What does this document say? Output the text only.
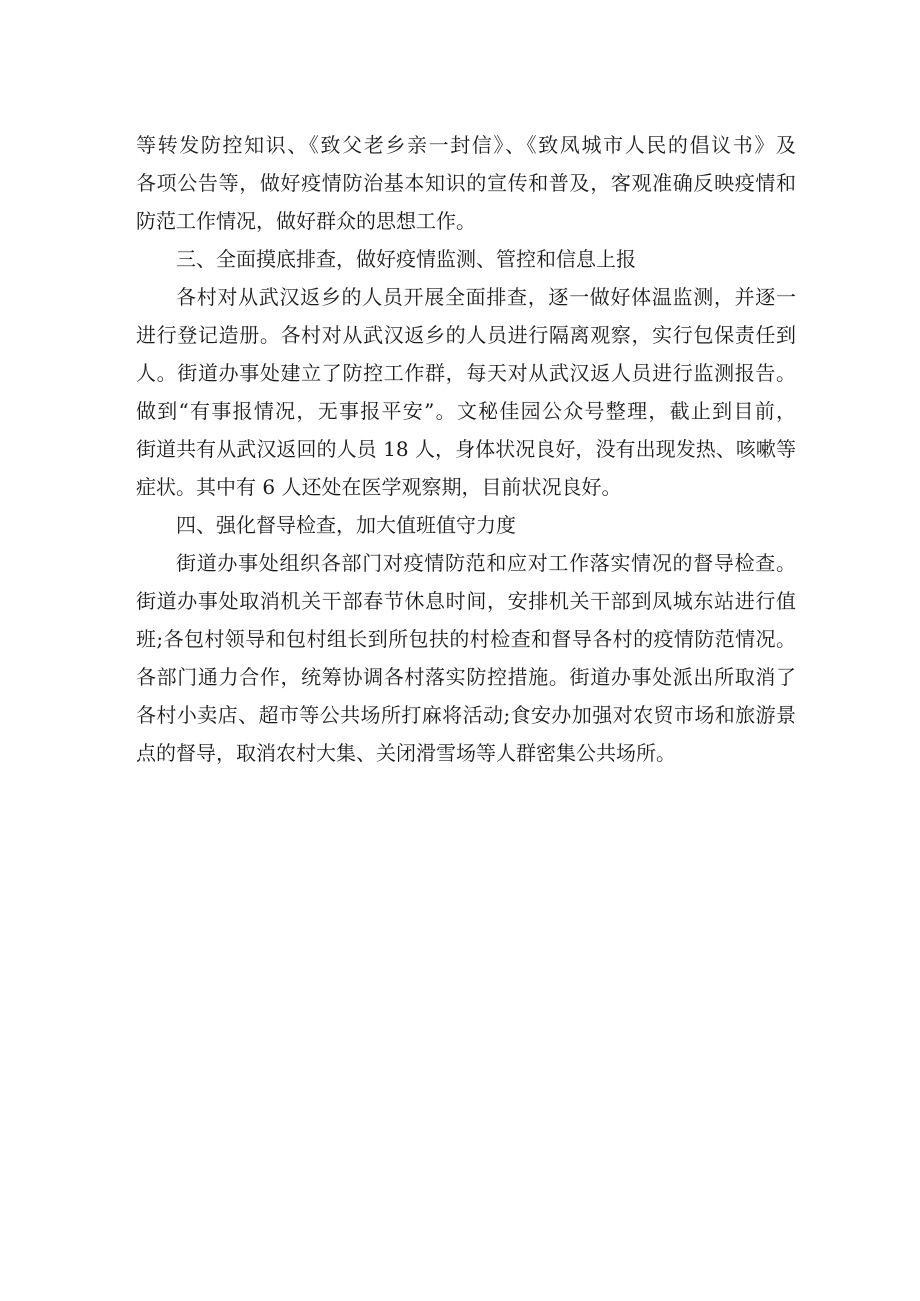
等转发防控知识、《致父老乡亲一封信》、《致凤城市人民的倡议书》及
各项公告等，做好疫情防治基本知识的宣传和普及，客观准确反映疫情和
防范工作情况，做好群众的思想工作。
三、全面摸底排查，做好疫情监测、管控和信息上报
各村对从武汉返乡的人员开展全面排查，逐一做好体温监测，并逐一
进行登记造册。各村对从武汉返乡的人员进行隔离观察，实行包保责任到
人。街道办事处建立了防控工作群，每天对从武汉返人员进行监测报告。
做到“有事报情况，无事报平安”。文秘佳园公众号整理，截止到目前，
街道共有从武汉返回的人员 18 人，身体状况良好，没有出现发热、咳嗽等
症状。其中有 6 人还处在医学观察期，目前状况良好。
四、强化督导检查，加大值班值守力度
街道办事处组织各部门对疫情防范和应对工作落实情况的督导检查。
街道办事处取消机关干部春节休息时间，安排机关干部到凤城东站进行值
班;各包村领导和包村组长到所包扶的村检查和督导各村的疫情防范情况。
各部门通力合作，统筹协调各村落实防控措施。街道办事处派出所取消了
各村小卖店、超市等公共场所打麻将活动;食安办加强对农贸市场和旅游景
点的督导，取消农村大集、关闭滑雪场等人群密集公共场所。
